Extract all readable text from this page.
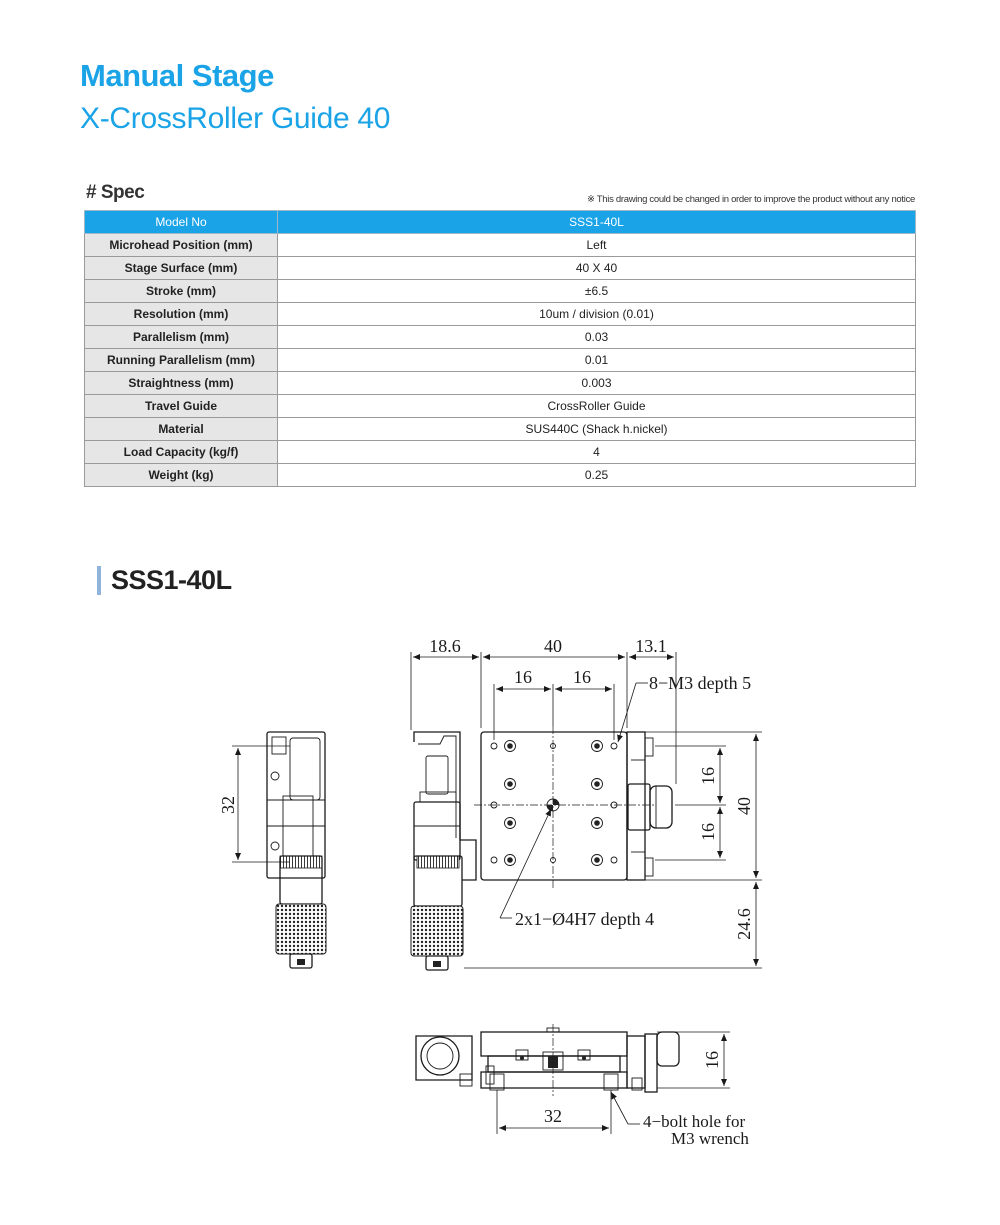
Manual Stage
X-CrossRoller Guide 40
# Spec	※ This drawing could be changed in order to improve the product without any notice
Model No	SSS1-40L
Microhead Position (mm)	Left
Stage Surface (mm)	40 X 40
Stroke (mm)	±6.5
Resolution (mm)	10um / division (0.01)
Parallelism (mm)	0.03
Running Parallelism (mm)	0.01
Straightness (mm)	0.003
Travel Guide	CrossRoller Guide
Material	SUS440C (Shack h.nickel)
Load Capacity (kg/f)	4
Weight (kg)	0.25
SSS1-40L
32
18.6	40	13.1
16 16	8−M3 depth 5
16
16
40
24.6
2x1−Ø4H7 depth 4
16
32	4−bolt hole for
M3 wrench
